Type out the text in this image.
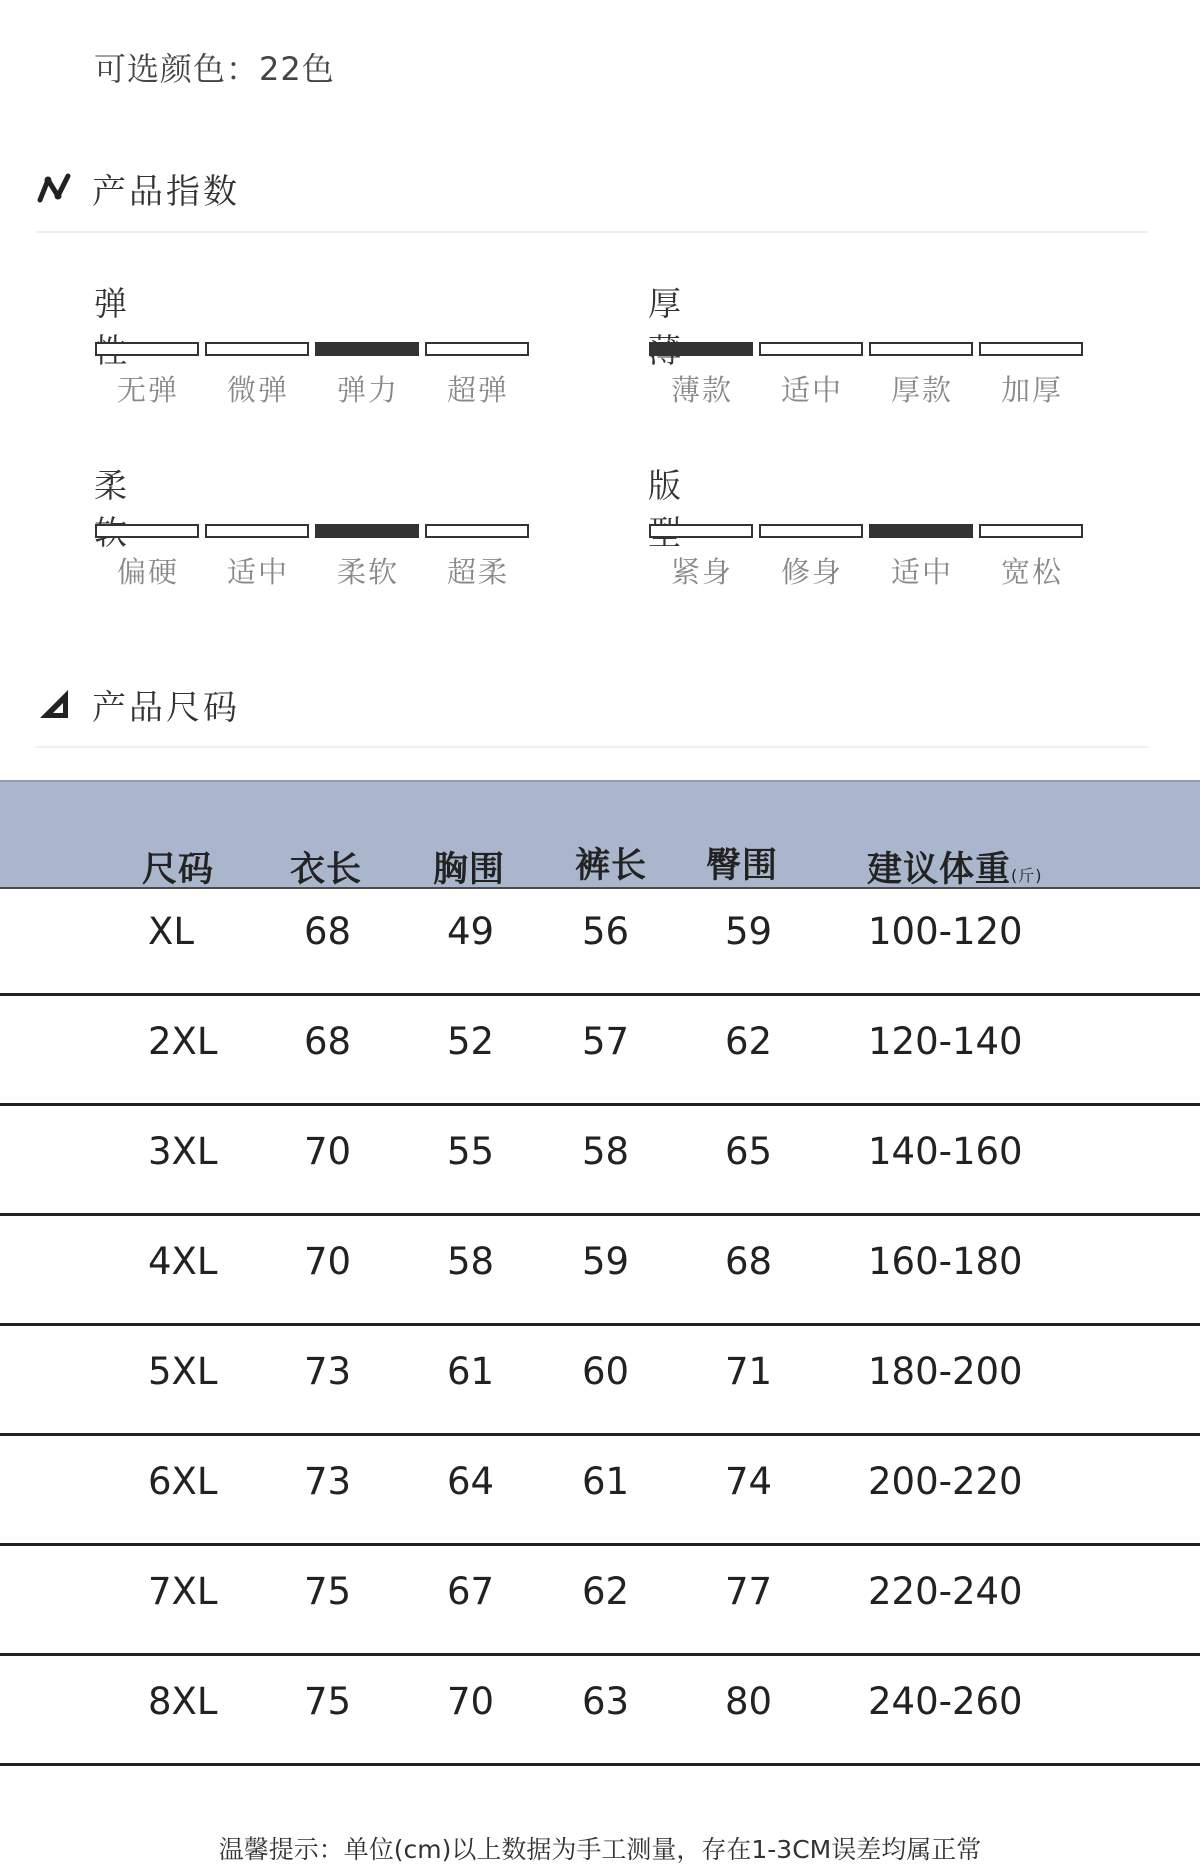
可选颜色：22色
产品指数
弹
无弹	微弹	弹力	超弹
厚
薄款	适中	厚款	加厚
柔
偏硬	适中	柔软	超柔
版
紧身	修身	适中	宽松
产品尺码
尺码 衣长 胸围 裤长 臀围	建议体重(斤)
XL	68	49 56	59	100-120
2XL 68	52 57	62	120-140
3XL 70	55 58	65	140-160
4XL 70	58 59	68	160-180
5XL 73	61 60	71	180-200
6XL 73	64 61	74	200-220
7XL 75	67 62	77	220-240
8XL 75	70 63	80	240-260
温馨提示：单位(cm)以上数据为手工测量，存在1-3CM误差均属正常
